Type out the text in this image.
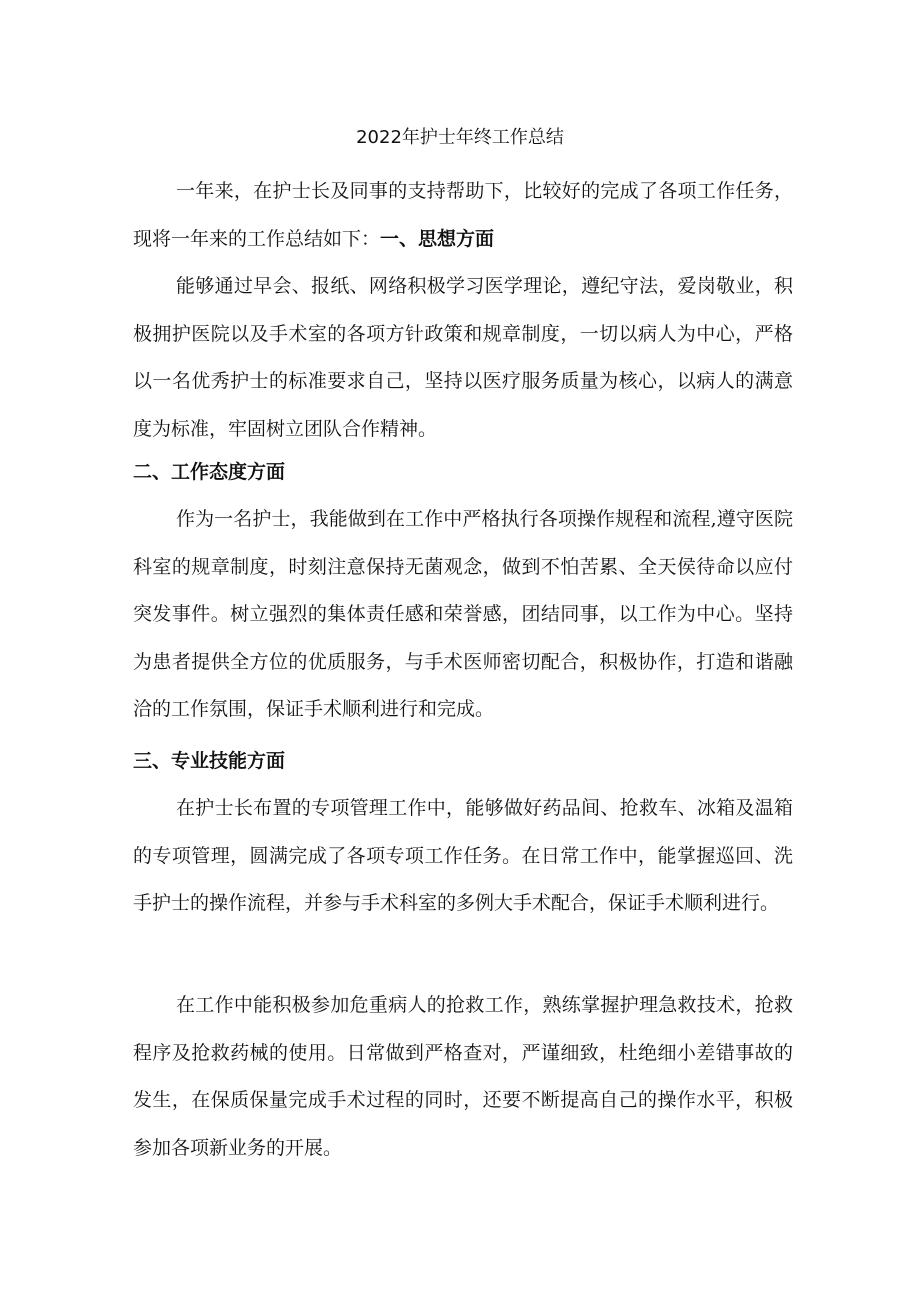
2022年护士年终工作总结

一年来，在护士长及同事的支持帮助下，比较好的完成了各项工作任务，现将一年来的工作总结如下：一、思想方面

能够通过早会、报纸、网络积极学习医学理论，遵纪守法，爱岗敬业，积极拥护医院以及手术室的各项方针政策和规章制度，一切以病人为中心，严格以一名优秀护士的标准要求自己，坚持以医疗服务质量为核心，以病人的满意度为标准，牢固树立团队合作精神。

二、工作态度方面

作为一名护士，我能做到在工作中严格执行各项操作规程和流程,遵守医院科室的规章制度，时刻注意保持无菌观念，做到不怕苦累、全天侯待命以应付突发事件。树立强烈的集体责任感和荣誉感，团结同事，以工作为中心。坚持为患者提供全方位的优质服务，与手术医师密切配合，积极协作，打造和谐融洽的工作氛围，保证手术顺利进行和完成。

三、专业技能方面

在护士长布置的专项管理工作中，能够做好药品间、抢救车、冰箱及温箱的专项管理，圆满完成了各项专项工作任务。在日常工作中，能掌握巡回、洗手护士的操作流程，并参与手术科室的多例大手术配合，保证手术顺利进行。

在工作中能积极参加危重病人的抢救工作，熟练掌握护理急救技术，抢救程序及抢救药械的使用。日常做到严格查对，严谨细致，杜绝细小差错事故的发生，在保质保量完成手术过程的同时，还要不断提高自己的操作水平，积极参加各项新业务的开展。
